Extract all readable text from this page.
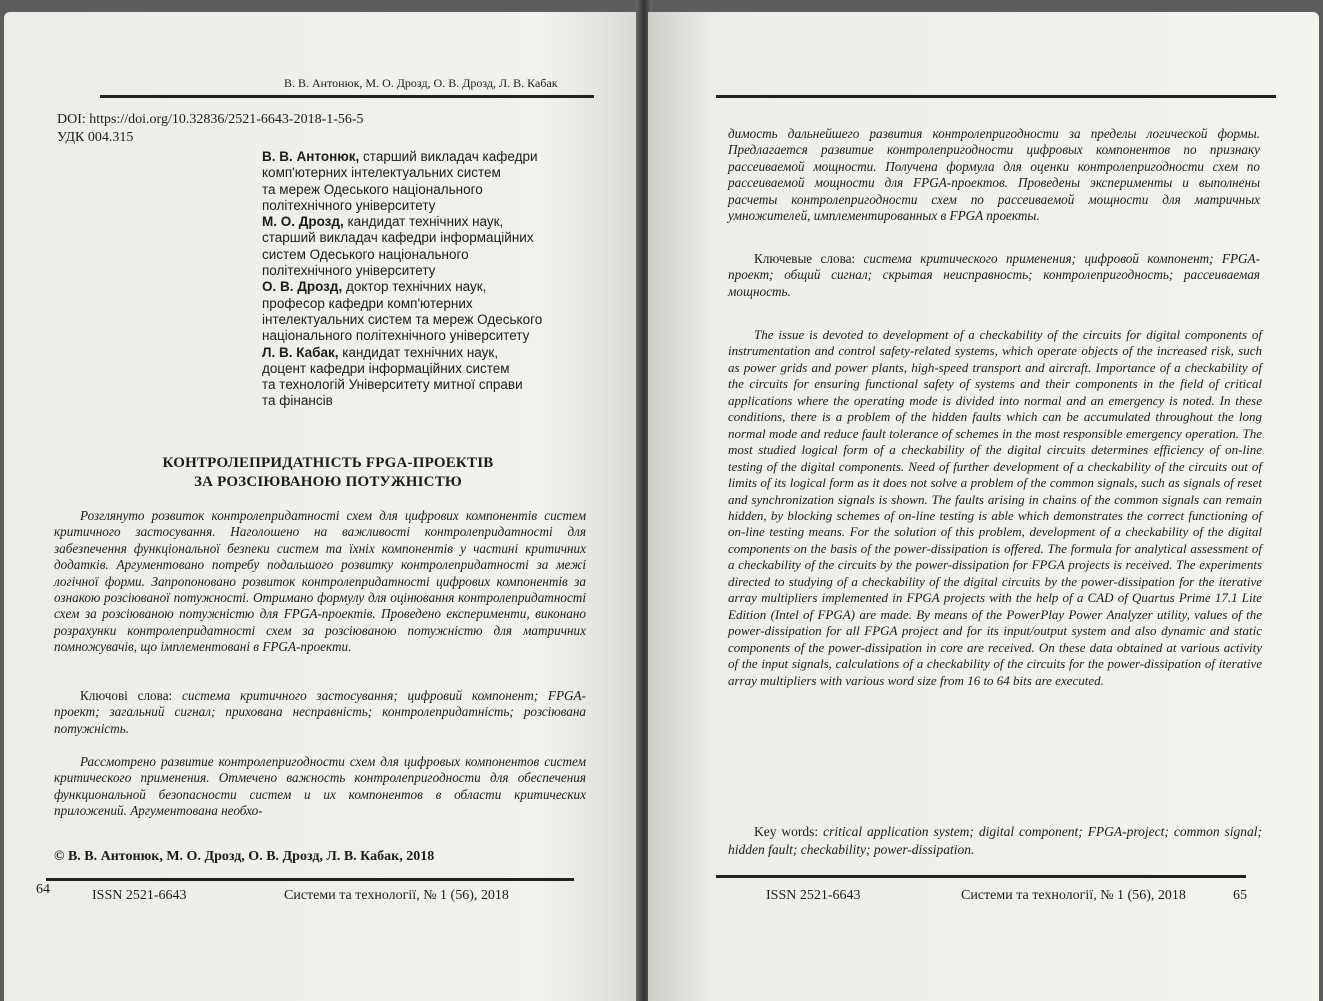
В. В. Антонюк, М. О. Дрозд, О. В. Дрозд, Л. В. Кабак
DOI: https://doi.org/10.32836/2521-6643-2018-1-56-5
УДК 004.315
В. В. Антонюк, старший викладач кафедри
комп'ютерних інтелектуальних систем
та мереж Одеського національного
політехнічного університету
М. О. Дрозд, кандидат технічних наук,
старший викладач кафедри інформаційних
систем Одеського національного
політехнічного університету
О. В. Дрозд, доктор технічних наук,
професор кафедри комп'ютерних
інтелектуальних систем та мереж Одеського
національного політехнічного університету
Л. В. Кабак, кандидат технічних наук,
доцент кафедри інформаційних систем
та технологій Університету митної справи
та фінансів
КОНТРОЛЕПРИДАТНІСТЬ FPGA-ПРОЕКТІВ
ЗА РОЗСІЮВАНОЮ ПОТУЖНІСТЮ
Розглянуто розвиток контролепридатності схем для цифрових компонентів систем критичного застосування. Наголошено на важливості контролепридатності для забезпечення функціональної безпеки систем та їхніх компонентів у частині критичних додатків. Аргументовано потребу подальшого розвитку контролепридатності за межі логічної форми. Запропоновано розвиток контролепридатності цифрових компонентів за ознакою розсіюваної потужності. Отримано формулу для оцінювання контролепридатності схем за розсіюваною потужністю для FPGA-проектів. Проведено експерименти, виконано розрахунки контролепридатності схем за розсіюваною потужністю для матричних помножувачів, що імплементовані в FPGA-проекти.
Ключові слова: система критичного застосування; цифровий компонент; FPGA-проект; загальний сигнал; прихована несправність; контролепридатність; розсіювана потужність.
Рассмотрено развитие контролепригодности схем для цифровых компонентов систем критического применения. Отмечено важность контролепригодности для обеспечения функциональной безопасности систем и их компонентов в области критических приложений. Аргументована необхо-
© В. В. Антонюк, М. О. Дрозд, О. В. Дрозд, Л. В. Кабак, 2018
64	ISSN 2521-6643	Системи та технології, № 1 (56), 2018
димость дальнейшего развития контролепригодности за пределы логической формы. Предлагается развитие контролепригодности цифровых компонентов по признаку рассеиваемой мощности. Получена формула для оценки контролепригодности схем по рассеиваемой мощности для FPGA-проектов. Проведены эксперименты и выполнены расчеты контролепригодности схем по рассеиваемой мощности для матричных умножителей, имплементированных в FPGA проекты.
Ключевые слова: система критического применения; цифровой компонент; FPGA-проект; общий сигнал; скрытая неисправность; контролепригодность; рассеиваемая мощность.
The issue is devoted to development of a checkability of the circuits for digital components of instrumentation and control safety-related systems, which operate objects of the increased risk, such as power grids and power plants, high-speed transport and aircraft. Importance of a checkability of the circuits for ensuring functional safety of systems and their components in the field of critical applications where the operating mode is divided into normal and an emergency is noted. In these conditions, there is a problem of the hidden faults which can be accumulated throughout the long normal mode and reduce fault tolerance of schemes in the most responsible emergency operation. The most studied logical form of a checkability of the digital circuits determines efficiency of on-line testing of the digital components. Need of further development of a checkability of the circuits out of limits of its logical form as it does not solve a problem of the common signals, such as signals of reset and synchronization signals is shown. The faults arising in chains of the common signals can remain hidden, by blocking schemes of on-line testing is able which demonstrates the correct functioning of on-line testing means. For the solution of this problem, development of a checkability of the digital components on the basis of the power-dissipation is offered. The formula for analytical assessment of a checkability of the circuits by the power-dissipation for FPGA projects is received. The experiments directed to studying of a checkability of the digital circuits by the power-dissipation for the iterative array multipliers implemented in FPGA projects with the help of a CAD of Quartus Prime 17.1 Lite Edition (Intel of FPGA) are made. By means of the PowerPlay Power Analyzer utility, values of the power-dissipation for all FPGA project and for its input/output system and also dynamic and static components of the power-dissipation in core are received. On these data obtained at various activity of the input signals, calculations of a checkability of the circuits for the power-dissipation of iterative array multipliers with various word size from 16 to 64 bits are executed.
Key words: critical application system; digital component; FPGA-project; common signal; hidden fault; checkability; power-dissipation.
ISSN 2521-6643	Системи та технології, № 1 (56), 2018	65
